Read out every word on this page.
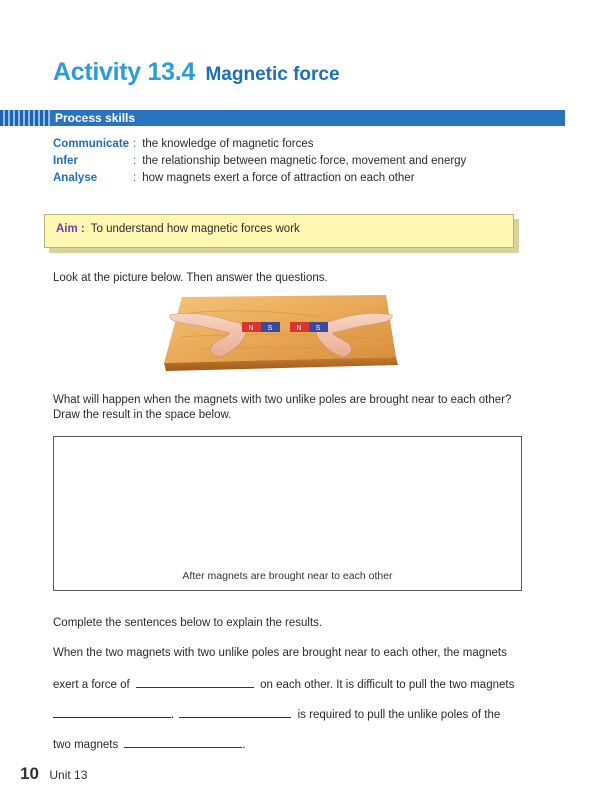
Activity 13.4 Magnetic force
Process skills
Communicate : the knowledge of magnetic forces
Infer	: the relationship between magnetic force, movement and energy
Analyse	: how magnets exert a force of attraction on each other
Aim : To understand how magnetic forces work
Look at the picture below. Then answer the questions.
N S	N S
What will happen when the magnets with two unlike poles are brought near to each other?
Draw the result in the space below.
After magnets are brought near to each other
Complete the sentences below to explain the results.
When the two magnets with two unlike poles are brought near to each other, the magnets
exert a force of	on each other. It is difficult to pull the two magnets
.	is required to pull the unlike poles of the
two magnets	.
10 Unit 13
